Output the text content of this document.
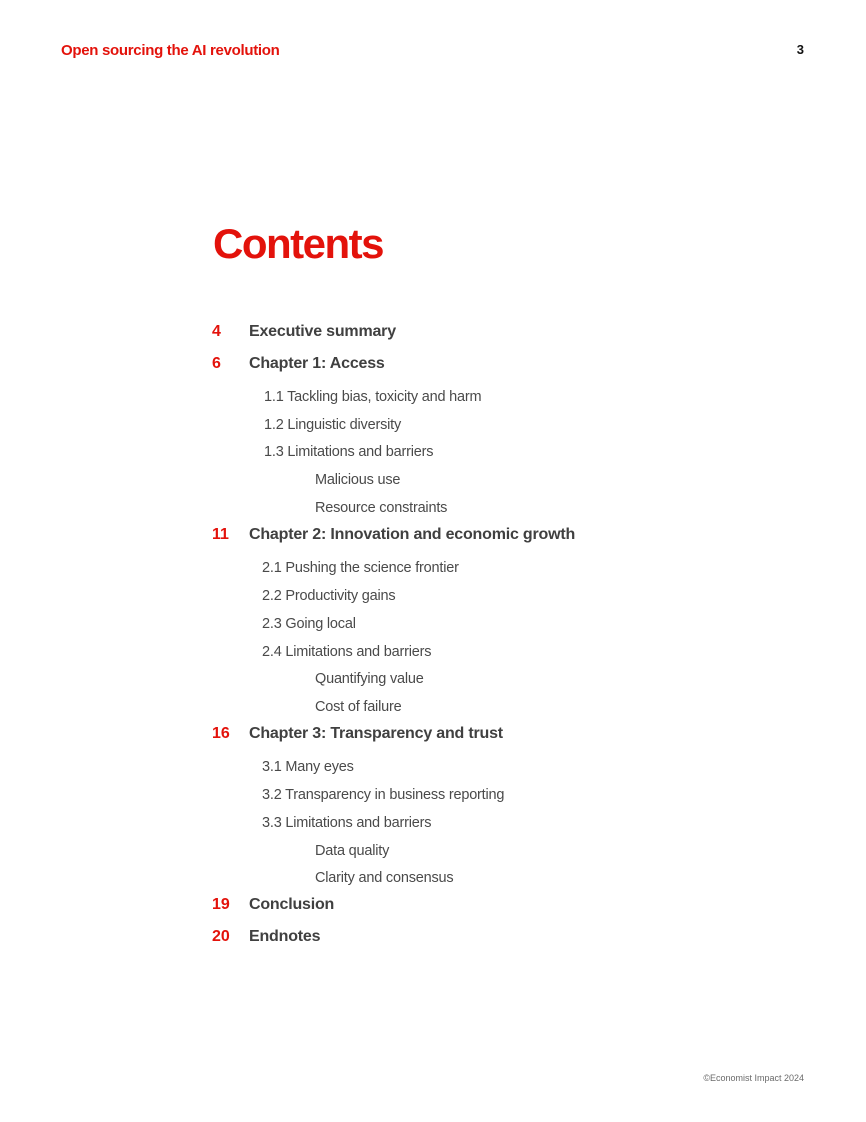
Open sourcing the AI revolution	3
Contents
4 Executive summary
6 Chapter 1: Access
1.1 Tackling bias, toxicity and harm
1.2 Linguistic diversity
1.3 Limitations and barriers
Malicious use
Resource constraints
11 Chapter 2: Innovation and economic growth
2.1 Pushing the science frontier
2.2 Productivity gains
2.3 Going local
2.4 Limitations and barriers
Quantifying value
Cost of failure
16 Chapter 3: Transparency and trust
3.1 Many eyes
3.2 Transparency in business reporting
3.3 Limitations and barriers
Data quality
Clarity and consensus
19 Conclusion
20 Endnotes
©Economist Impact 2024
